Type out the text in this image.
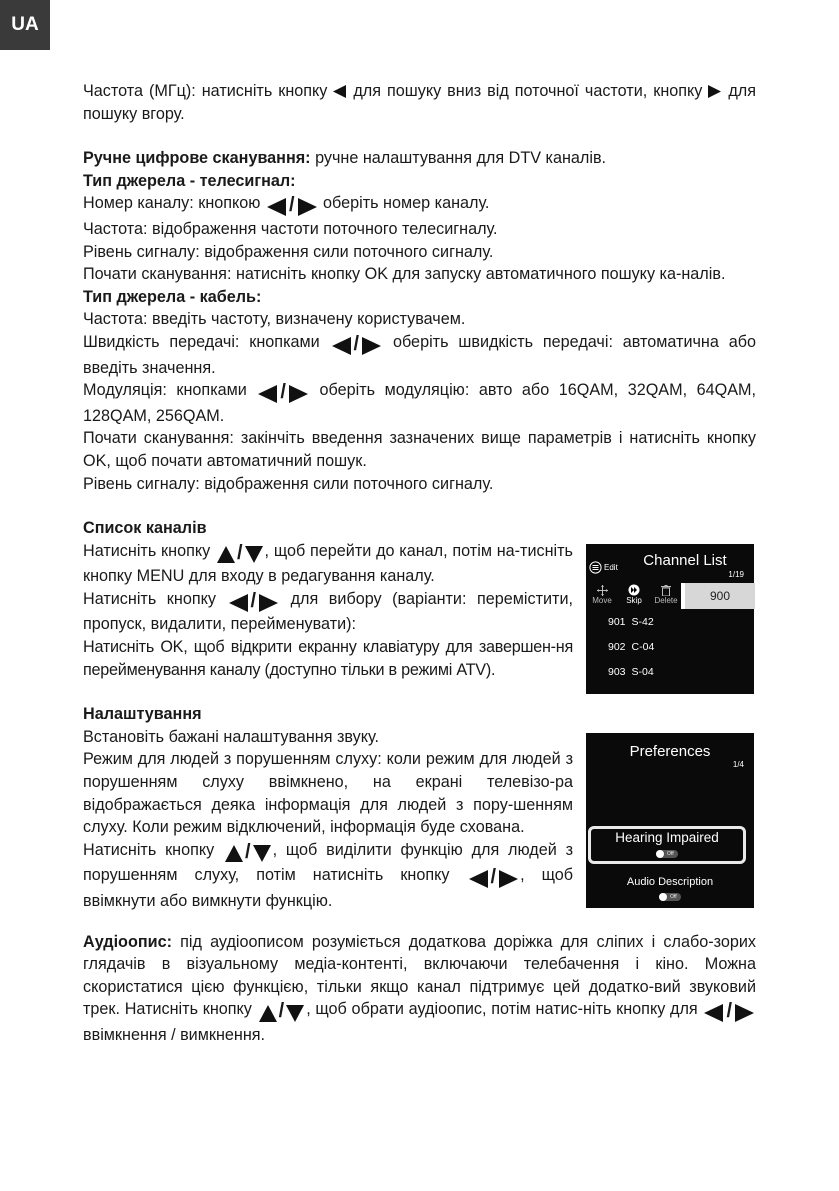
UA

Частота (МГц): натисніть кнопку для пошуку вниз від поточної частоти, кнопку для пошуку вгору.

Ручне цифрове сканування: ручне налаштування для DTV каналів.

Тип джерела - телесигнал:

Номер каналу: кнопкою / оберіть номер каналу.

Частота: відображення частоти поточного телесигналу.

Рівень сигналу: відображення сили поточного сигналу.

Почати сканування: натисніть кнопку OK для запуску автоматичного пошуку ка-налів.

Тип джерела - кабель:

Частота: введіть частоту, визначену користувачем.

Швидкість передачі: кнопками / оберіть швидкість передачі: автоматична або введіть значення.

Модуляція: кнопками / оберіть модуляцію: авто або 16QAM, 32QAM, 64QAM, 128QAM, 256QAM.

Почати сканування: закінчіть введення зазначених вище параметрів і натисніть кнопку OK, щоб почати автоматичний пошук.

Рівень сигналу: відображення сили поточного сигналу.

Список каналів

Натисніть кнопку / , щоб перейти до канал, потім на-тисніть кнопку MENU для входу в редагування каналу.

Натисніть кнопку / для вибору (варіанти: перемістити, пропуск, видалити, перейменувати):

Натисніть OK, щоб відкрити екранну клавіатуру для завершен-ня перейменування каналу (доступно тільки в режимі ATV).

Налаштування

Встановіть бажані налаштування звуку.

Режим для людей з порушенням слуху: коли режим для людей з порушенням слуху ввімкнено, на екрані телевізо-ра відображається деяка інформація для людей з пору-шенням слуху. Коли режим відключений, інформація буде схована.

Натисніть кнопку / , щоб виділити функцію для людей з порушенням слуху, потім натисніть кнопку / , щоб ввімкнути або вимкнути функцію.

Аудіоопис: під аудіоописом розуміється додаткова доріжка для сліпих і слабо-зорих глядачів в візуальному медіа-контенті, включаючи телебачення і кіно. Можна скористатися цією функцією, тільки якщо канал підтримує цей додатко-вий звуковий трек. Натисніть кнопку / , щоб обрати аудіоопис, потім натис-ніть кнопку для / ввімкнення / вимкнення.

Edit	Channel List
1/19
Move	Skip	Delete	900
901 S-42
902 C-04
903 S-04
Preferences
1/4
Hearing Impaired
Off
Audio Description
Off
